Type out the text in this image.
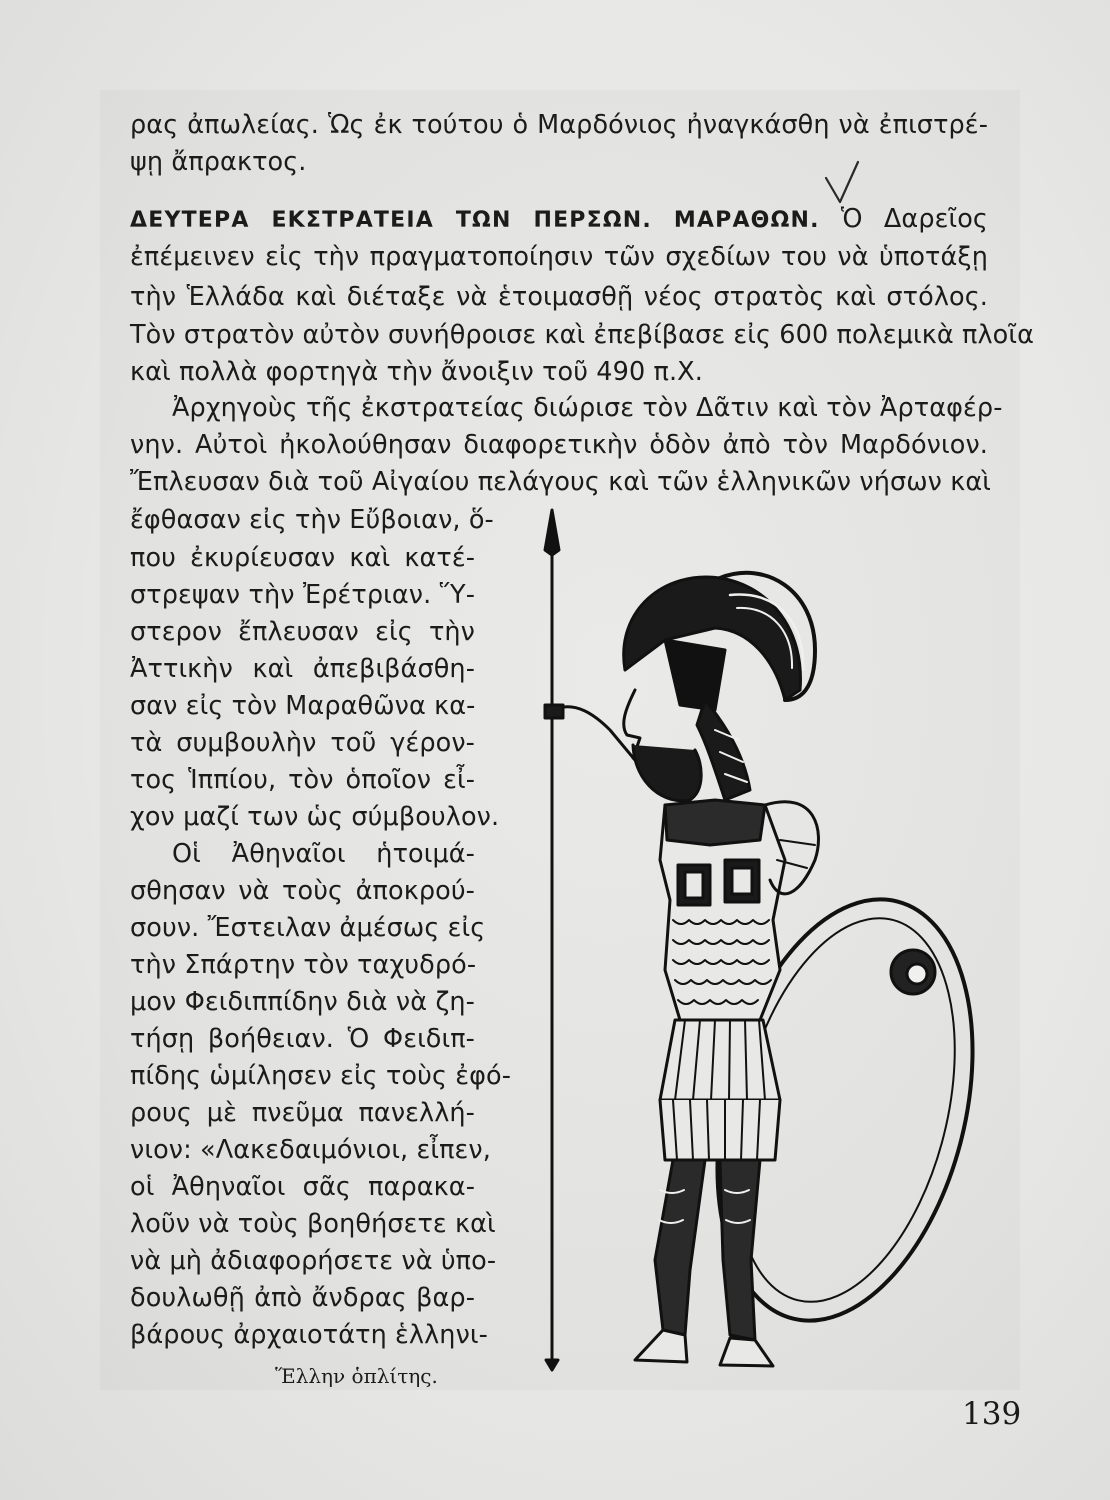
ρας ἀπωλείας. Ὡς ἐκ τούτου ὁ Μαρδόνιος ἠναγκάσθη νὰ ἐπιστρέ-

ψῃ ἄπρακτος.

ΔΕΥΤΕΡΑ ΕΚΣΤΡΑΤΕΙΑ ΤΩΝ ΠΕΡΣΩΝ. ΜΑΡΑΘΩΝ. Ὁ Δαρεῖος

ἐπέμεινεν εἰς τὴν πραγματοποίησιν τῶν σχεδίων του νὰ ὑποτάξῃ

τὴν Ἑλλάδα καὶ διέταξε νὰ ἑτοιμασθῇ νέος στρατὸς καὶ στόλος.

Τὸν στρατὸν αὐτὸν συνήθροισε καὶ ἐπεβίβασε εἰς 600 πολεμικὰ πλοῖα

καὶ πολλὰ φορτηγὰ τὴν ἄνοιξιν τοῦ 490 π.Χ.

Ἀρχηγοὺς τῆς ἐκστρατείας διώρισε τὸν Δᾶτιν καὶ τὸν Ἀρταφέρ-

νην. Αὐτοὶ ἠκολούθησαν διαφορετικὴν ὁδὸν ἀπὸ τὸν Μαρδόνιον.

Ἔπλευσαν διὰ τοῦ Αἰγαίου πελάγους καὶ τῶν ἑλληνικῶν νήσων καὶ

ἔφθασαν εἰς τὴν Εὔβοιαν, ὅ-

που ἐκυρίευσαν καὶ κατέ-

στρεψαν τὴν Ἐρέτριαν. Ὕ-

στερον ἔπλευσαν εἰς τὴν

Ἀττικὴν καὶ ἀπεβιβάσθη-

σαν εἰς τὸν Μαραθῶνα κα-

τὰ συμβουλὴν τοῦ γέρον-

τος Ἱππίου, τὸν ὁποῖον εἶ-

χον μαζί των ὡς σύμβουλον.

Οἱ Ἀθηναῖοι ἡτοιμά-

σθησαν νὰ τοὺς ἀποκρού-

σουν. Ἔστειλαν ἀμέσως εἰς

τὴν Σπάρτην τὸν ταχυδρό-

μον Φειδιππίδην διὰ νὰ ζη-

τήσῃ βοήθειαν. Ὁ Φειδιπ-

πίδης ὡμίλησεν εἰς τοὺς ἐφό-

ρους μὲ πνεῦμα πανελλή-

νιον: «Λακεδαιμόνιοι, εἶπεν,

οἱ Ἀθηναῖοι σᾶς παρακα-

λοῦν νὰ τοὺς βοηθήσετε καὶ

νὰ μὴ ἀδιαφορήσετε νὰ ὑπο-

δουλωθῇ ἀπὸ ἄνδρας βαρ-

βάρους ἀρχαιοτάτη ἑλληνι-

Ἕλλην ὁπλίτης.
139
